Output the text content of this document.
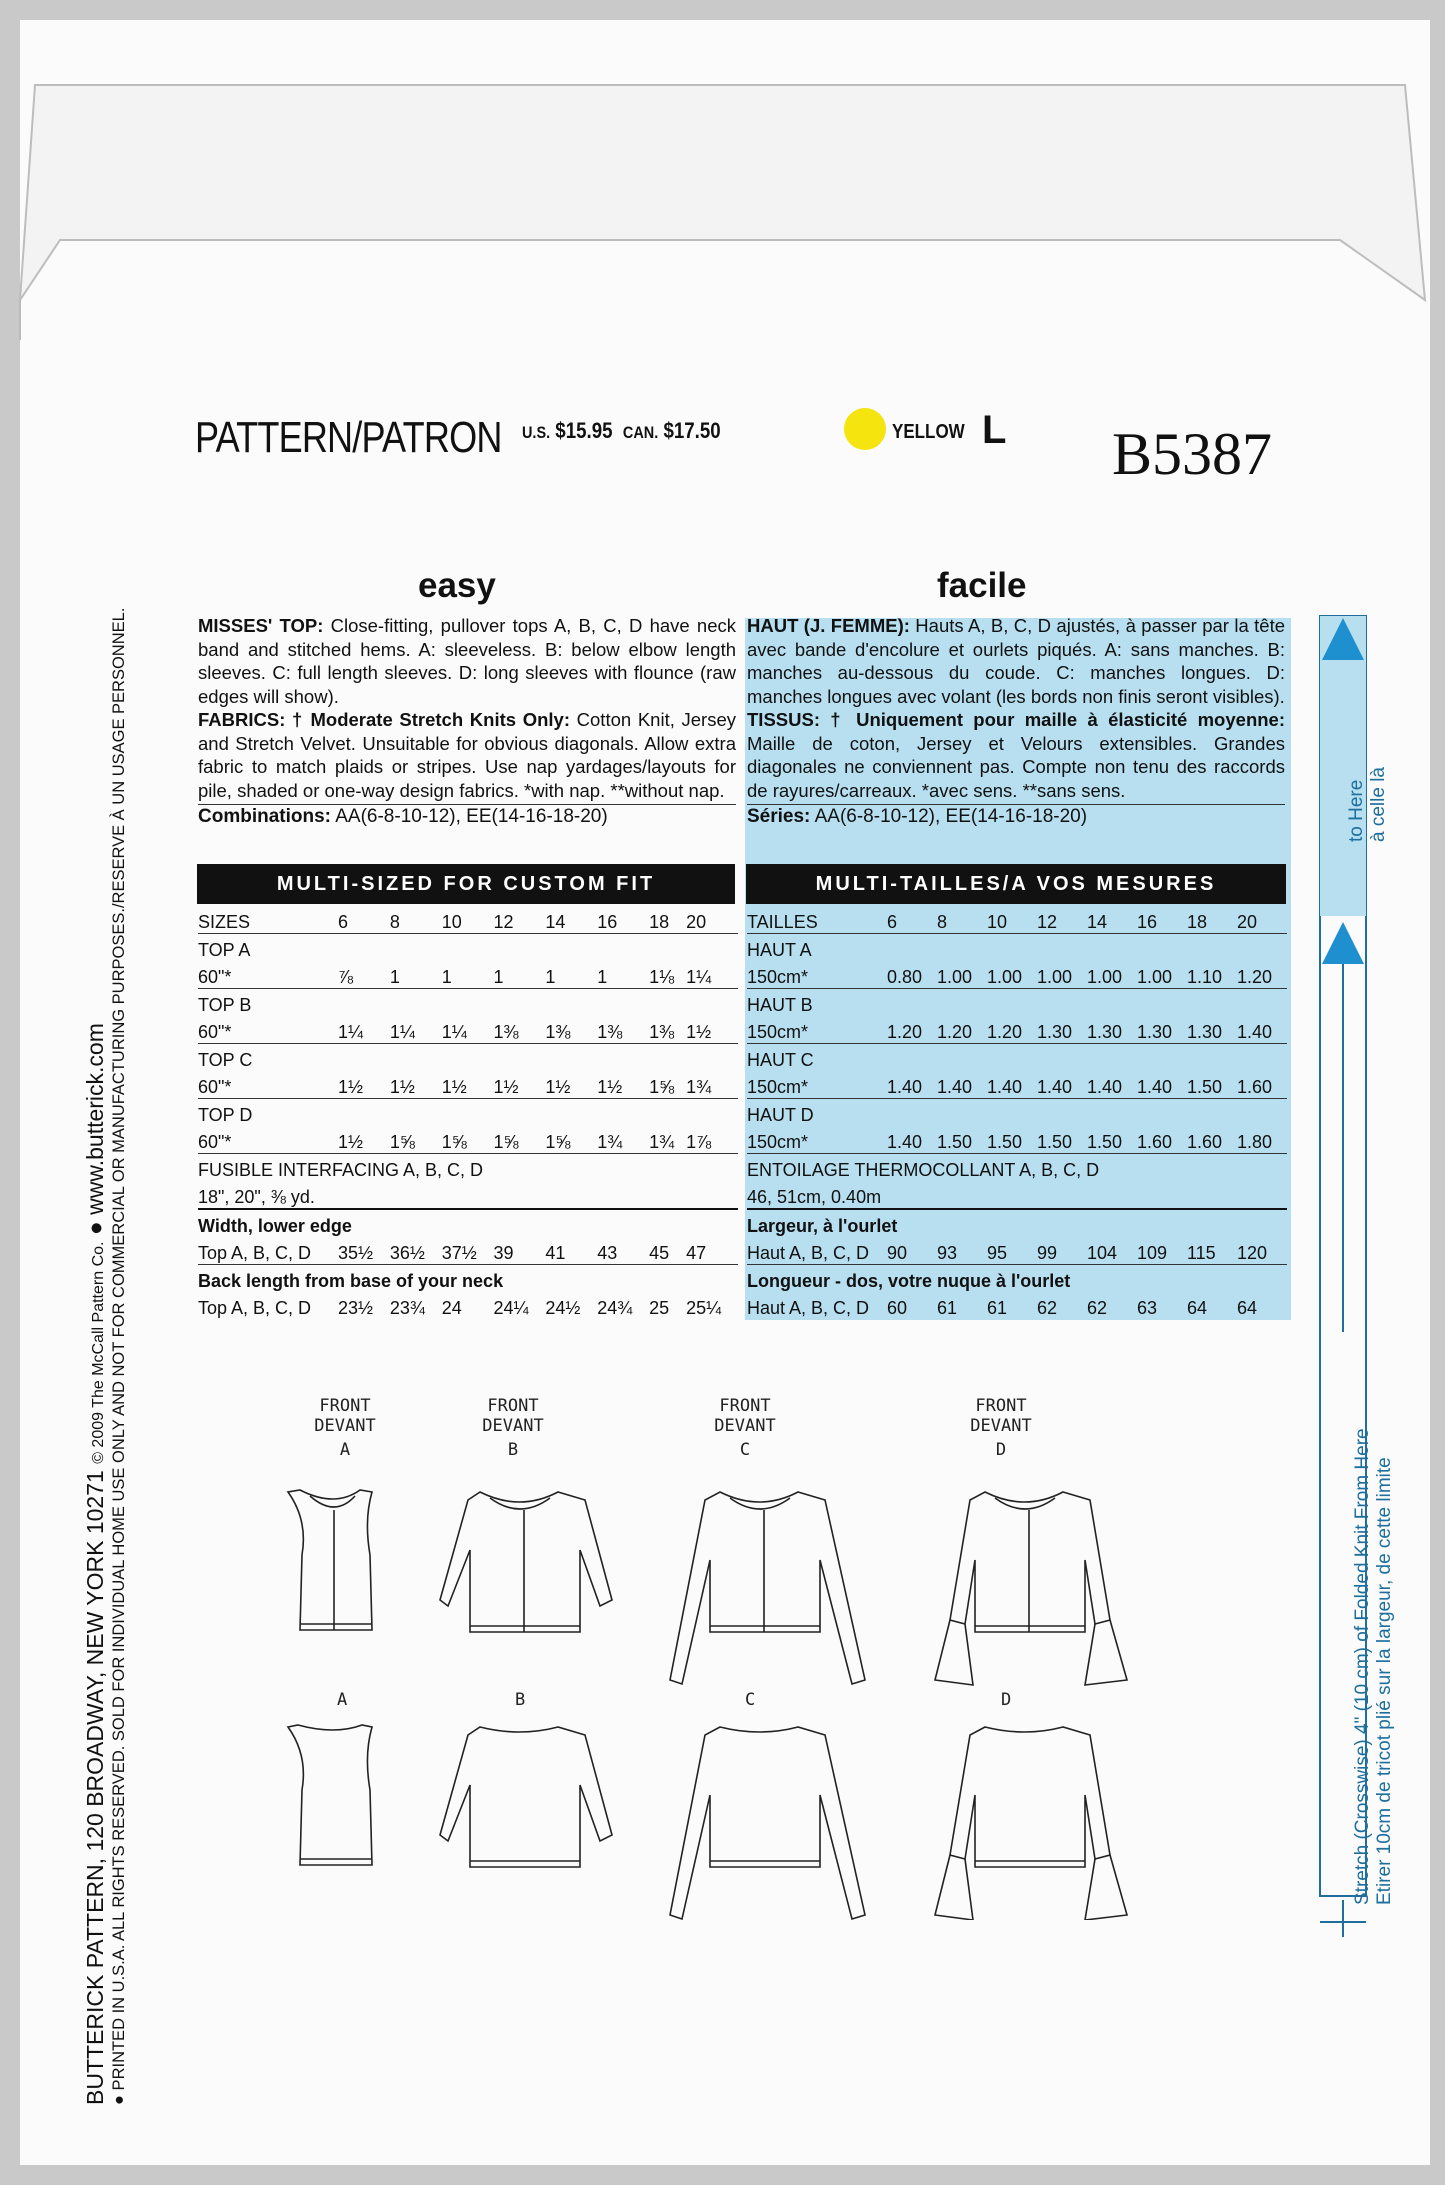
PATTERN/PATRON U.S. $15.95 CAN. $17.50	YELLOW L B5387
easy	facile
MISSES' TOP: Close-fitting, pullover tops A, B, C, D have neck band and stitched hems. A: sleeveless. B: below elbow length sleeves. C: full length sleeves. D: long sleeves with flounce (raw edges will show).
FABRICS: † Moderate Stretch Knits Only: Cotton Knit, Jersey and Stretch Velvet. Unsuitable for obvious diagonals. Allow extra fabric to match plaids or stripes. Use nap yardages/layouts for pile, shaded or one-way design fabrics. *with nap. **without nap.
Combinations: AA(6-8-10-12), EE(14-16-18-20)
HAUT (J. FEMME): Hauts A, B, C, D ajustés, à passer par la tête avec bande d'encolure et ourlets piqués. A: sans manches. B: manches au-dessous du coude. C: manches longues. D: manches longues avec volant (les bords non finis seront visibles).
TISSUS: † Uniquement pour maille à élasticité moyenne: Maille de coton, Jersey et Velours extensibles. Grandes diagonales ne conviennent pas. Compte non tenu des raccords de rayures/carreaux. *avec sens. **sans sens.
Séries: AA(6-8-10-12), EE(14-16-18-20)
MULTI-SIZED FOR CUSTOM FIT	MULTI-TAILLES/A VOS MESURES
SIZES	6	8	10	12	14	16	18	20
TOP A								
60"*	⅞	1	1	1	1	1	1⅛	1¼
TOP B								
60"*	1¼	1¼	1¼	1⅜	1⅜	1⅜	1⅜	1½
TOP C								
60"*	1½	1½	1½	1½	1½	1½	1⅝	1¾
TOP D								
60"*	1½	1⅝	1⅝	1⅝	1⅝	1¾	1¾	1⅞
FUSIBLE INTERFACING A, B, C, D								
18", 20", ⅜ yd.								
Width, lower edge								
Top A, B, C, D	35½	36½	37½	39	41	43	45	47
Back length from base of your neck								
Top A, B, C, D	23½	23¾	24	24¼	24½	24¾	25	25¼
TAILLES	6	8	10	12	14	16	18	20
HAUT A								
150cm*	0.80	1.00	1.00	1.00	1.00	1.00	1.10	1.20
HAUT B								
150cm*	1.20	1.20	1.20	1.30	1.30	1.30	1.30	1.40
HAUT C								
150cm*	1.40	1.40	1.40	1.40	1.40	1.40	1.50	1.60
HAUT D								
150cm*	1.40	1.50	1.50	1.50	1.50	1.60	1.60	1.80
ENTOILAGE THERMOCOLLANT A, B, C, D								
46, 51cm, 0.40m								
Largeur, à l'ourlet								
Haut A, B, C, D	90	93	95	99	104	109	115	120
Longueur - dos, votre nuque à l'ourlet								
Haut A, B, C, D	60	61	61	62	62	63	64	64
FRONT
DEVANT
A
FRONT
DEVANT
B
FRONT
DEVANT
C
FRONT
DEVANT
D
A	B	C	D
to Here à celle là
Stretch (Crosswise) 4" (10 cm) of Folded Knit From Here Etirer 10cm de tricot plié sur la largeur, de cette limite
BUTTERICK PATTERN, 120 BROADWAY, NEW YORK 10271 © 2009 The McCall Pattern Co. ● www.butterick.com
● PRINTED IN U.S.A. ALL RIGHTS RESERVED. SOLD FOR INDIVIDUAL HOME USE ONLY AND NOT FOR COMMERCIAL OR MANUFACTURING PURPOSES./RESERVE À UN USAGE PERSONNEL.
